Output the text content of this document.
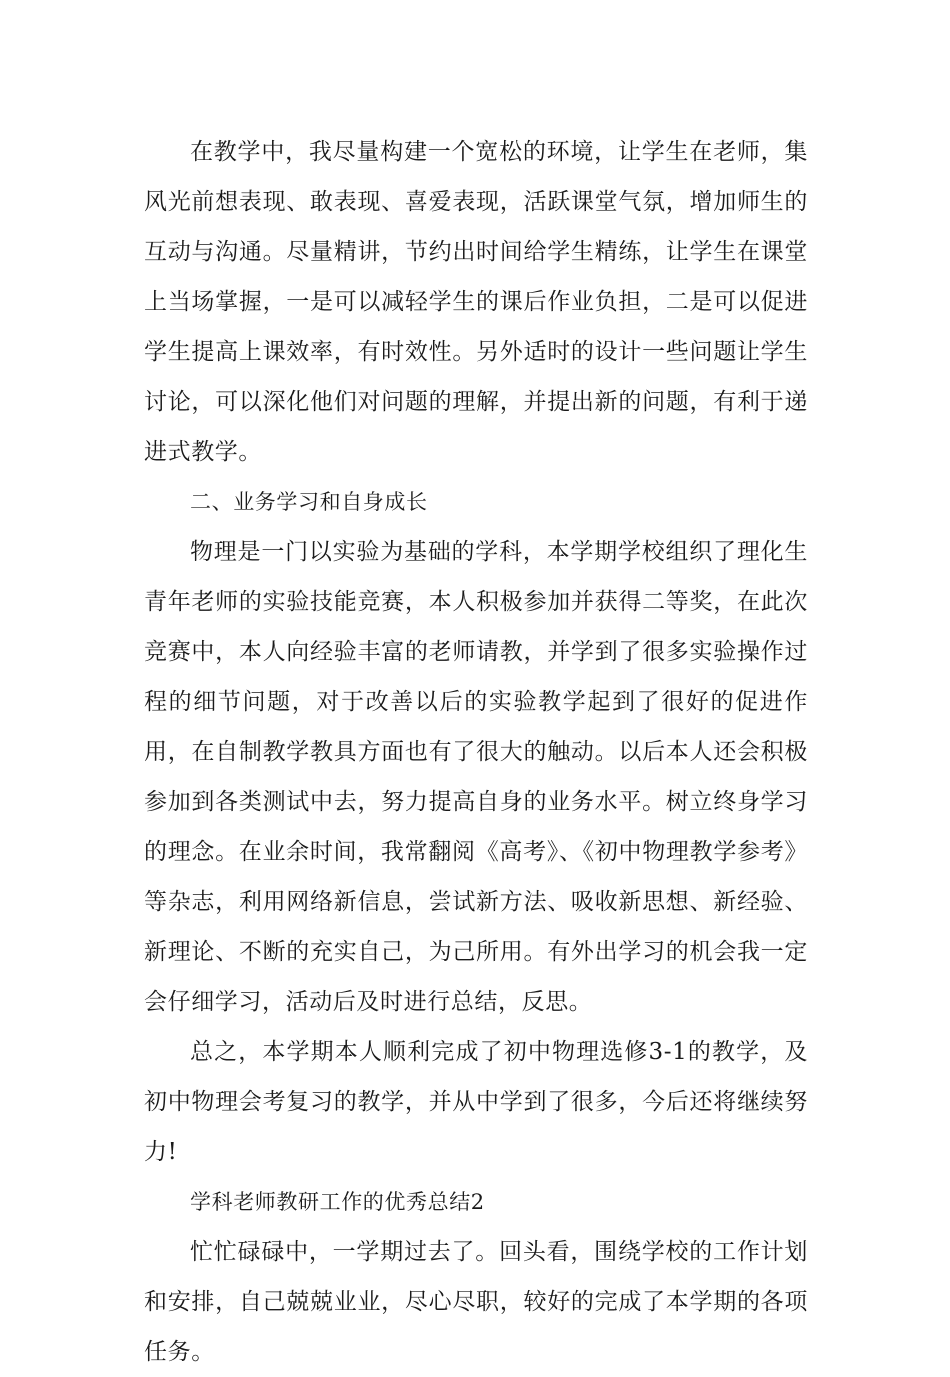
在教学中，我尽量构建一个宽松的环境，让学生在老师，集风光前想表现、敢表现、喜爱表现，活跃课堂气氛，增加师生的互动与沟通。尽量精讲，节约出时间给学生精练，让学生在课堂上当场掌握，一是可以减轻学生的课后作业负担，二是可以促进学生提高上课效率，有时效性。另外适时的设计一些问题让学生讨论，可以深化他们对问题的理解，并提出新的问题，有利于递进式教学。

二、业务学习和自身成长

物理是一门以实验为基础的学科，本学期学校组织了理化生青年老师的实验技能竞赛，本人积极参加并获得二等奖，在此次竞赛中，本人向经验丰富的老师请教，并学到了很多实验操作过程的细节问题，对于改善以后的实验教学起到了很好的促进作用，在自制教学教具方面也有了很大的触动。以后本人还会积极参加到各类测试中去，努力提高自身的业务水平。树立终身学习的理念。在业余时间，我常翻阅《高考》、《初中物理教学参考》等杂志，利用网络新信息，尝试新方法、吸收新思想、新经验、新理论、不断的充实自己，为己所用。有外出学习的机会我一定会仔细学习，活动后及时进行总结，反思。

总之，本学期本人顺利完成了初中物理选修3-1的教学，及初中物理会考复习的教学，并从中学到了很多，今后还将继续努力!

学科老师教研工作的优秀总结2

忙忙碌碌中，一学期过去了。回头看，围绕学校的工作计划和安排，自己兢兢业业，尽心尽职，较好的完成了本学期的各项任务。
